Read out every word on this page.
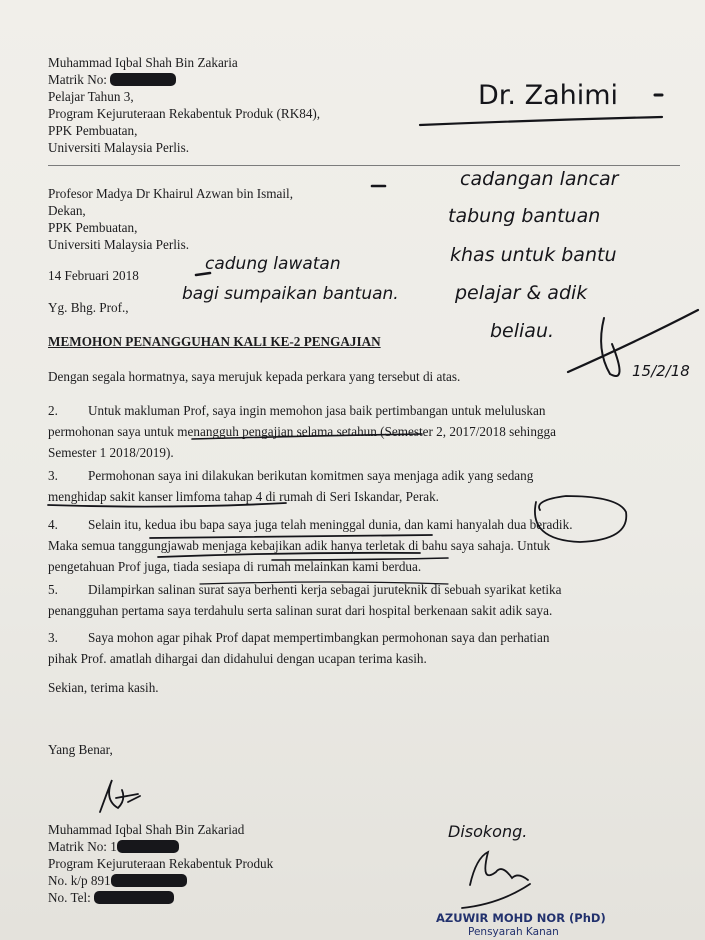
Muhammad Iqbal Shah Bin Zakaria
Matrik No:
Pelajar Tahun 3,
Program Kejuruteraan Rekabentuk Produk (RK84),
PPK Pembuatan,
Universiti Malaysia Perlis.
Profesor Madya Dr Khairul Azwan bin Ismail,
Dekan,
PPK Pembuatan,
Universiti Malaysia Perlis.
14 Februari 2018
Yg. Bhg. Prof.,
MEMOHON PENANGGUHAN KALI KE-2 PENGAJIAN
Dengan segala hormatnya, saya merujuk kepada perkara yang tersebut di atas.
2.	Untuk makluman Prof, saya ingin memohon jasa baik pertimbangan untuk meluluskan
permohonan saya untuk menangguh pengajian selama setahun (Semester 2, 2017/2018 sehingga
Semester 1 2018/2019).
3.	Permohonan saya ini dilakukan berikutan komitmen saya menjaga adik yang sedang
menghidap sakit kanser limfoma tahap 4 di rumah di Seri Iskandar, Perak.
4.	Selain itu, kedua ibu bapa saya juga telah meninggal dunia, dan kami hanyalah dua beradik.
Maka semua tanggungjawab menjaga kebajikan adik hanya terletak di bahu saya sahaja. Untuk
pengetahuan Prof juga, tiada sesiapa di rumah melainkan kami berdua.
5.	Dilampirkan salinan surat saya berhenti kerja sebagai juruteknik di sebuah syarikat ketika
penangguhan pertama saya terdahulu serta salinan surat dari hospital berkenaan sakit adik saya.
3.	Saya mohon agar pihak Prof dapat mempertimbangkan permohonan saya dan perhatian
pihak Prof. amatlah dihargai dan didahului dengan ucapan terima kasih.
Sekian, terima kasih.
Yang Benar,
Muhammad Iqbal Shah Bin Zakariad
Matrik No: 1
Program Kejuruteraan Rekabentuk Produk
No. k/p 891
No. Tel:
Dr. Zahimi
cadangan lancar
tabung bantuan
khas untuk bantu
pelajar & adik
beliau.
cadung lawatan
bagi sumpaikan bantuan.
15/2/18
Disokong.
AZUWIR MOHD NOR (PhD)
Pensyarah Kanan
